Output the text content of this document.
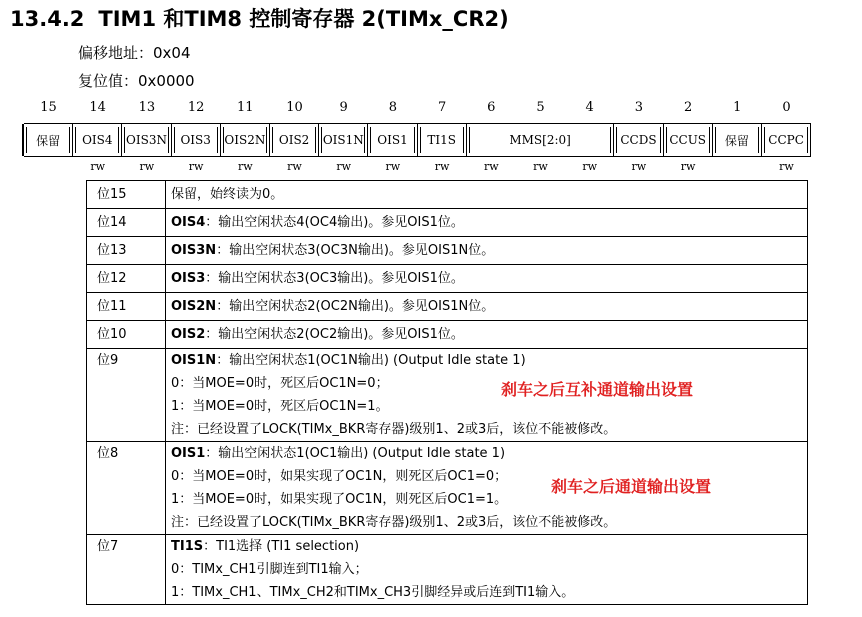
13.4.2 TIM1 和TIM8 控制寄存器 2(TIMx_CR2)
偏移地址：0x04
复位值：0x0000
15	14	13	12	11	10	9	8	7	6	5	4	3	2	1	0
保留	OIS4	OIS3N	OIS3	OIS2N	OIS2	OIS1N	OIS1	TI1S	MMS[2:0]	CCDS	CCUS	保留	CCPC
rw	rw	rw	rw	rw	rw	rw	rw	rw	rw	rw	rw	rw	rw
位15	保留，始终读为0。

位14	OIS4：输出空闲状态4(OC4输出)。参见OIS1位。

位13	OIS3N：输出空闲状态3(OC3N输出)。参见OIS1N位。

位12	OIS3：输出空闲状态3(OC3输出)。参见OIS1位。

位11	OIS2N：输出空闲状态2(OC2N输出)。参见OIS1N位。

位10	OIS2：输出空闲状态2(OC2输出)。参见OIS1位。

位9	OIS1N：输出空闲状态1(OC1N输出) (Output Idle state 1)
0：当MOE=0时，死区后OC1N=0；
1：当MOE=0时，死区后OC1N=1。
注：已经设置了LOCK(TIMx_BKR寄存器)级别1、2或3后，该位不能被修改。
刹车之后互补通道输出设置

位8	OIS1：输出空闲状态1(OC1输出) (Output Idle state 1)
0：当MOE=0时，如果实现了OC1N，则死区后OC1=0；
1：当MOE=0时，如果实现了OC1N，则死区后OC1=1。
注：已经设置了LOCK(TIMx_BKR寄存器)级别1、2或3后，该位不能被修改。
刹车之后通道输出设置

位7	TI1S：TI1选择 (TI1 selection)
0：TIMx_CH1引脚连到TI1输入；
1：TIMx_CH1、TIMx_CH2和TIMx_CH3引脚经异或后连到TI1输入。
